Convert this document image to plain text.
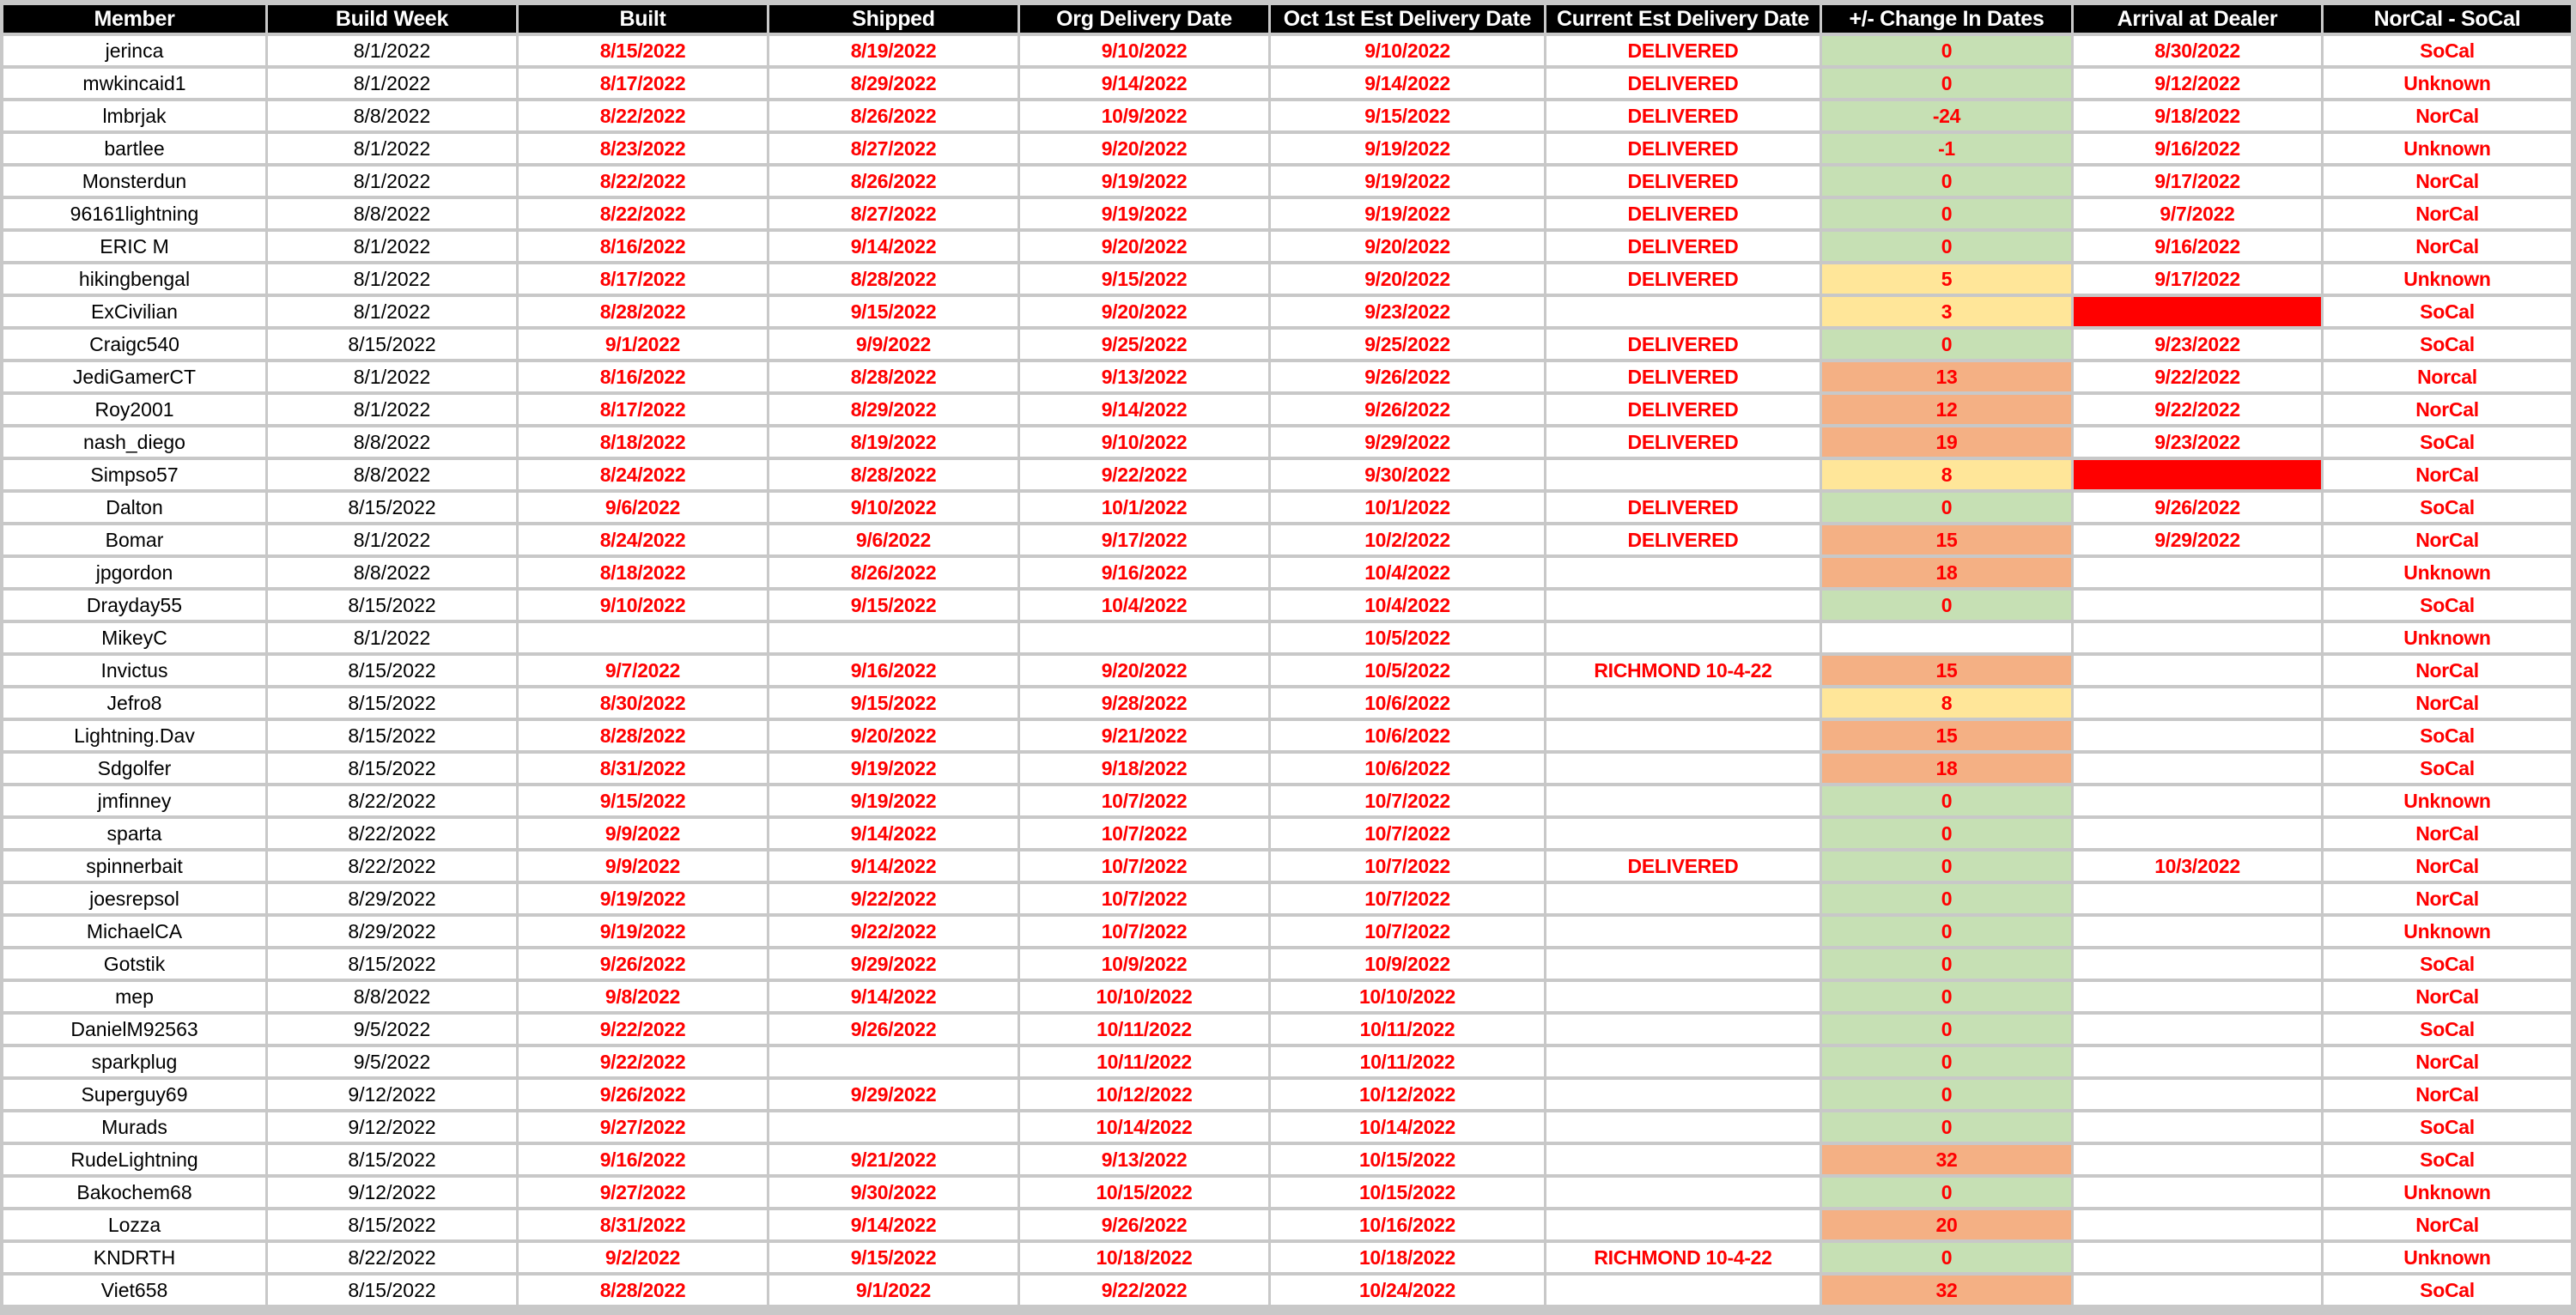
Member	Build Week	Built	Shipped	Org Delivery Date	Oct 1st Est Delivery Date	Current Est Delivery Date	+/- Change In Dates	Arrival at Dealer	NorCal - SoCal
jerinca	8/1/2022	8/15/2022	8/19/2022	9/10/2022	9/10/2022	DELIVERED	0	8/30/2022	SoCal
mwkincaid1	8/1/2022	8/17/2022	8/29/2022	9/14/2022	9/14/2022	DELIVERED	0	9/12/2022	Unknown
lmbrjak	8/8/2022	8/22/2022	8/26/2022	10/9/2022	9/15/2022	DELIVERED	-24	9/18/2022	NorCal
bartlee	8/1/2022	8/23/2022	8/27/2022	9/20/2022	9/19/2022	DELIVERED	-1	9/16/2022	Unknown
Monsterdun	8/1/2022	8/22/2022	8/26/2022	9/19/2022	9/19/2022	DELIVERED	0	9/17/2022	NorCal
96161lightning	8/8/2022	8/22/2022	8/27/2022	9/19/2022	9/19/2022	DELIVERED	0	9/7/2022	NorCal
ERIC M	8/1/2022	8/16/2022	9/14/2022	9/20/2022	9/20/2022	DELIVERED	0	9/16/2022	NorCal
hikingbengal	8/1/2022	8/17/2022	8/28/2022	9/15/2022	9/20/2022	DELIVERED	5	9/17/2022	Unknown
ExCivilian	8/1/2022	8/28/2022	9/15/2022	9/20/2022	9/23/2022		3		SoCal
Craigc540	8/15/2022	9/1/2022	9/9/2022	9/25/2022	9/25/2022	DELIVERED	0	9/23/2022	SoCal
JediGamerCT	8/1/2022	8/16/2022	8/28/2022	9/13/2022	9/26/2022	DELIVERED	13	9/22/2022	Norcal
Roy2001	8/1/2022	8/17/2022	8/29/2022	9/14/2022	9/26/2022	DELIVERED	12	9/22/2022	NorCal
nash_diego	8/8/2022	8/18/2022	8/19/2022	9/10/2022	9/29/2022	DELIVERED	19	9/23/2022	SoCal
Simpso57	8/8/2022	8/24/2022	8/28/2022	9/22/2022	9/30/2022		8		NorCal
Dalton	8/15/2022	9/6/2022	9/10/2022	10/1/2022	10/1/2022	DELIVERED	0	9/26/2022	SoCal
Bomar	8/1/2022	8/24/2022	9/6/2022	9/17/2022	10/2/2022	DELIVERED	15	9/29/2022	NorCal
jpgordon	8/8/2022	8/18/2022	8/26/2022	9/16/2022	10/4/2022		18		Unknown
Drayday55	8/15/2022	9/10/2022	9/15/2022	10/4/2022	10/4/2022		0		SoCal
MikeyC	8/1/2022				10/5/2022				Unknown
Invictus	8/15/2022	9/7/2022	9/16/2022	9/20/2022	10/5/2022	RICHMOND 10-4-22	15		NorCal
Jefro8	8/15/2022	8/30/2022	9/15/2022	9/28/2022	10/6/2022		8		NorCal
Lightning.Dav	8/15/2022	8/28/2022	9/20/2022	9/21/2022	10/6/2022		15		SoCal
Sdgolfer	8/15/2022	8/31/2022	9/19/2022	9/18/2022	10/6/2022		18		SoCal
jmfinney	8/22/2022	9/15/2022	9/19/2022	10/7/2022	10/7/2022		0		Unknown
sparta	8/22/2022	9/9/2022	9/14/2022	10/7/2022	10/7/2022		0		NorCal
spinnerbait	8/22/2022	9/9/2022	9/14/2022	10/7/2022	10/7/2022	DELIVERED	0	10/3/2022	NorCal
joesrepsol	8/29/2022	9/19/2022	9/22/2022	10/7/2022	10/7/2022		0		NorCal
MichaelCA	8/29/2022	9/19/2022	9/22/2022	10/7/2022	10/7/2022		0		Unknown
Gotstik	8/15/2022	9/26/2022	9/29/2022	10/9/2022	10/9/2022		0		SoCal
mep	8/8/2022	9/8/2022	9/14/2022	10/10/2022	10/10/2022		0		NorCal
DanielM92563	9/5/2022	9/22/2022	9/26/2022	10/11/2022	10/11/2022		0		SoCal
sparkplug	9/5/2022	9/22/2022		10/11/2022	10/11/2022		0		NorCal
Superguy69	9/12/2022	9/26/2022	9/29/2022	10/12/2022	10/12/2022		0		NorCal
Murads	9/12/2022	9/27/2022		10/14/2022	10/14/2022		0		SoCal
RudeLightning	8/15/2022	9/16/2022	9/21/2022	9/13/2022	10/15/2022		32		SoCal
Bakochem68	9/12/2022	9/27/2022	9/30/2022	10/15/2022	10/15/2022		0		Unknown
Lozza	8/15/2022	8/31/2022	9/14/2022	9/26/2022	10/16/2022		20		NorCal
KNDRTH	8/22/2022	9/2/2022	9/15/2022	10/18/2022	10/18/2022	RICHMOND 10-4-22	0		Unknown
Viet658	8/15/2022	8/28/2022	9/1/2022	9/22/2022	10/24/2022		32		SoCal
